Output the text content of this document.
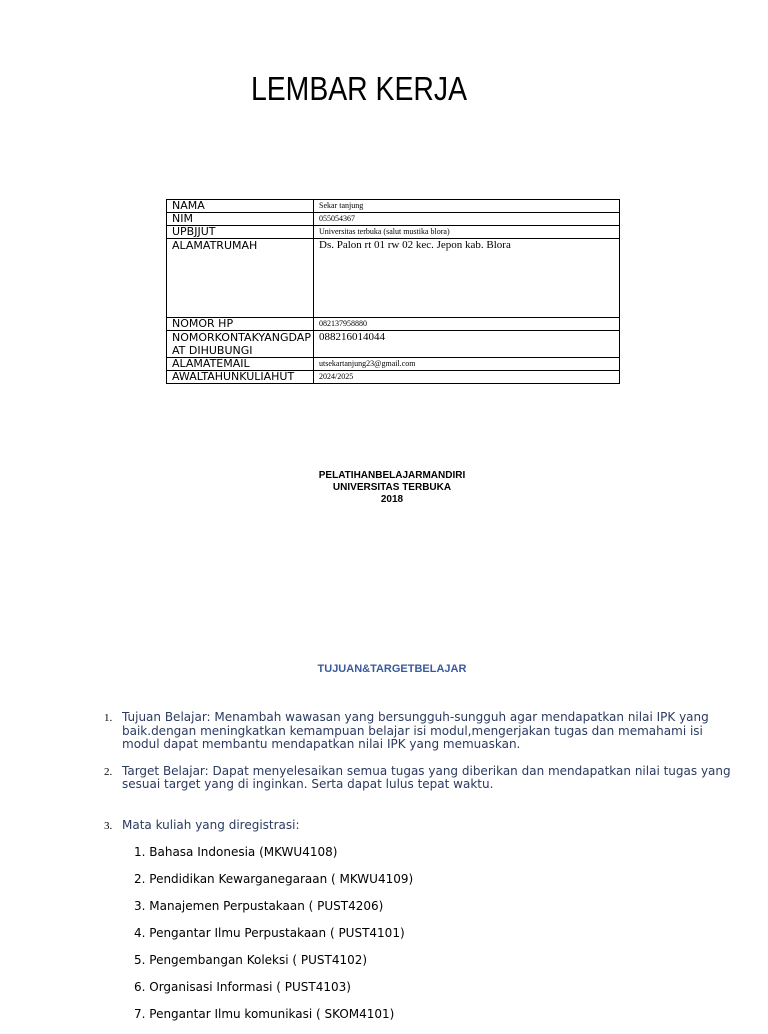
LEMBAR KERJA
NAMA	Sekar tanjung
NIM	055054367
UPBJJUT	Universitas terbuka (salut mustika blora)
ALAMATRUMAH	Ds. Palon rt 01 rw 02 kec. Jepon kab. Blora
NOMOR HP	082137958880
NOMORKONTAKYANGDAPAT DIHUBUNGI	088216014044
ALAMATEMAIL	utsekartanjung23@gmail.com
AWALTAHUNKULIAHUT	2024/2025
PELATIHANBELAJARMANDIRI
UNIVERSITAS TERBUKA
2018
TUJUAN&TARGETBELAJAR
1. Tujuan Belajar: Menambah wawasan yang bersungguh-sungguh agar mendapatkan nilai IPK yang baik.dengan meningkatkan kemampuan belajar isi modul,mengerjakan tugas dan memahami isi modul dapat membantu mendapatkan nilai IPK yang memuaskan.
2. Target Belajar: Dapat menyelesaikan semua tugas yang diberikan dan mendapatkan nilai tugas yang sesuai target yang di inginkan. Serta dapat lulus tepat waktu.
3. Mata kuliah yang diregistrasi:
1. Bahasa Indonesia (MKWU4108)
2. Pendidikan Kewarganegaraan ( MKWU4109)
3. Manajemen Perpustakaan ( PUST4206)
4. Pengantar Ilmu Perpustakaan ( PUST4101)
5. Pengembangan Koleksi ( PUST4102)
6. Organisasi Informasi ( PUST4103)
7. Pengantar Ilmu komunikasi ( SKOM4101)
